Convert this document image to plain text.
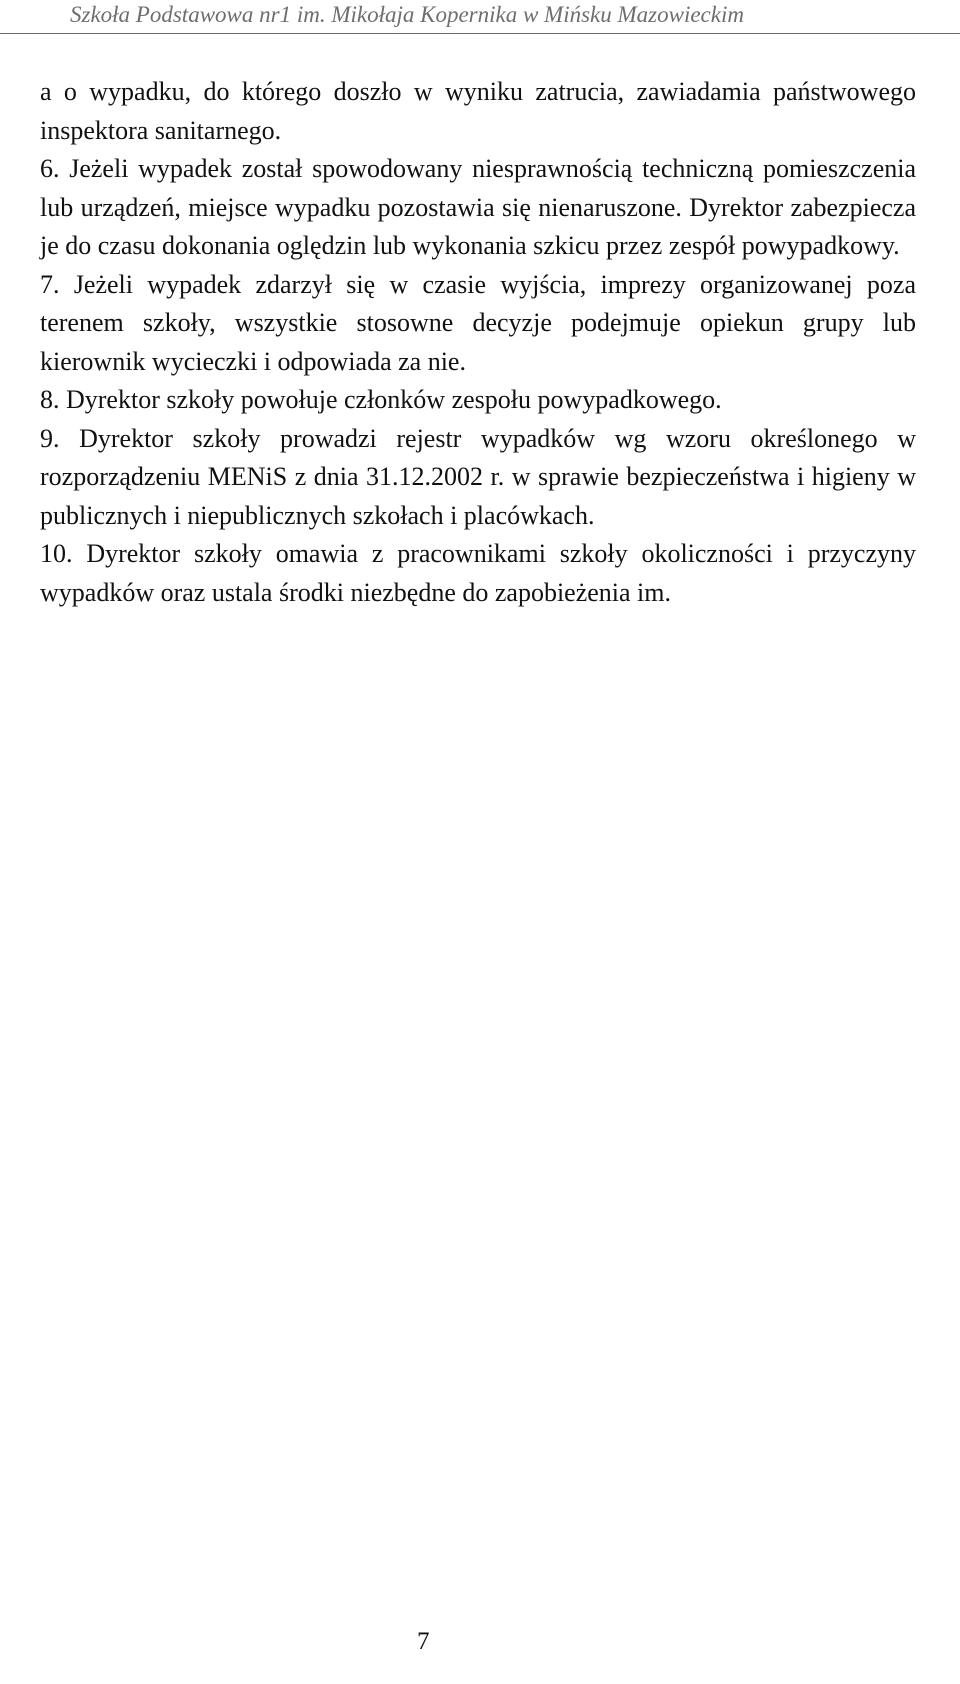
Szkoła Podstawowa nr1 im. Mikołaja Kopernika w Mińsku Mazowieckim

a o wypadku, do którego doszło w wyniku zatrucia, zawiadamia państwowego inspektora sanitarnego.

6. Jeżeli wypadek został spowodowany niesprawnością techniczną pomieszczenia lub urządzeń, miejsce wypadku pozostawia się nienaruszone. Dyrektor zabezpiecza je do czasu dokonania oględzin lub wykonania szkicu przez zespół powypadkowy.

7. Jeżeli wypadek zdarzył się w czasie wyjścia, imprezy organizowanej poza terenem szkoły, wszystkie stosowne decyzje podejmuje opiekun grupy lub kierownik wycieczki i odpowiada za nie.

8. Dyrektor szkoły powołuje członków zespołu powypadkowego.

9. Dyrektor szkoły prowadzi rejestr wypadków wg wzoru określonego w rozporządzeniu MENiS z dnia 31.12.2002 r. w sprawie bezpieczeństwa i higieny w publicznych i niepublicznych szkołach i placówkach.

10. Dyrektor szkoły omawia z pracownikami szkoły okoliczności i przyczyny wypadków oraz ustala środki niezbędne do zapobieżenia im.

7
